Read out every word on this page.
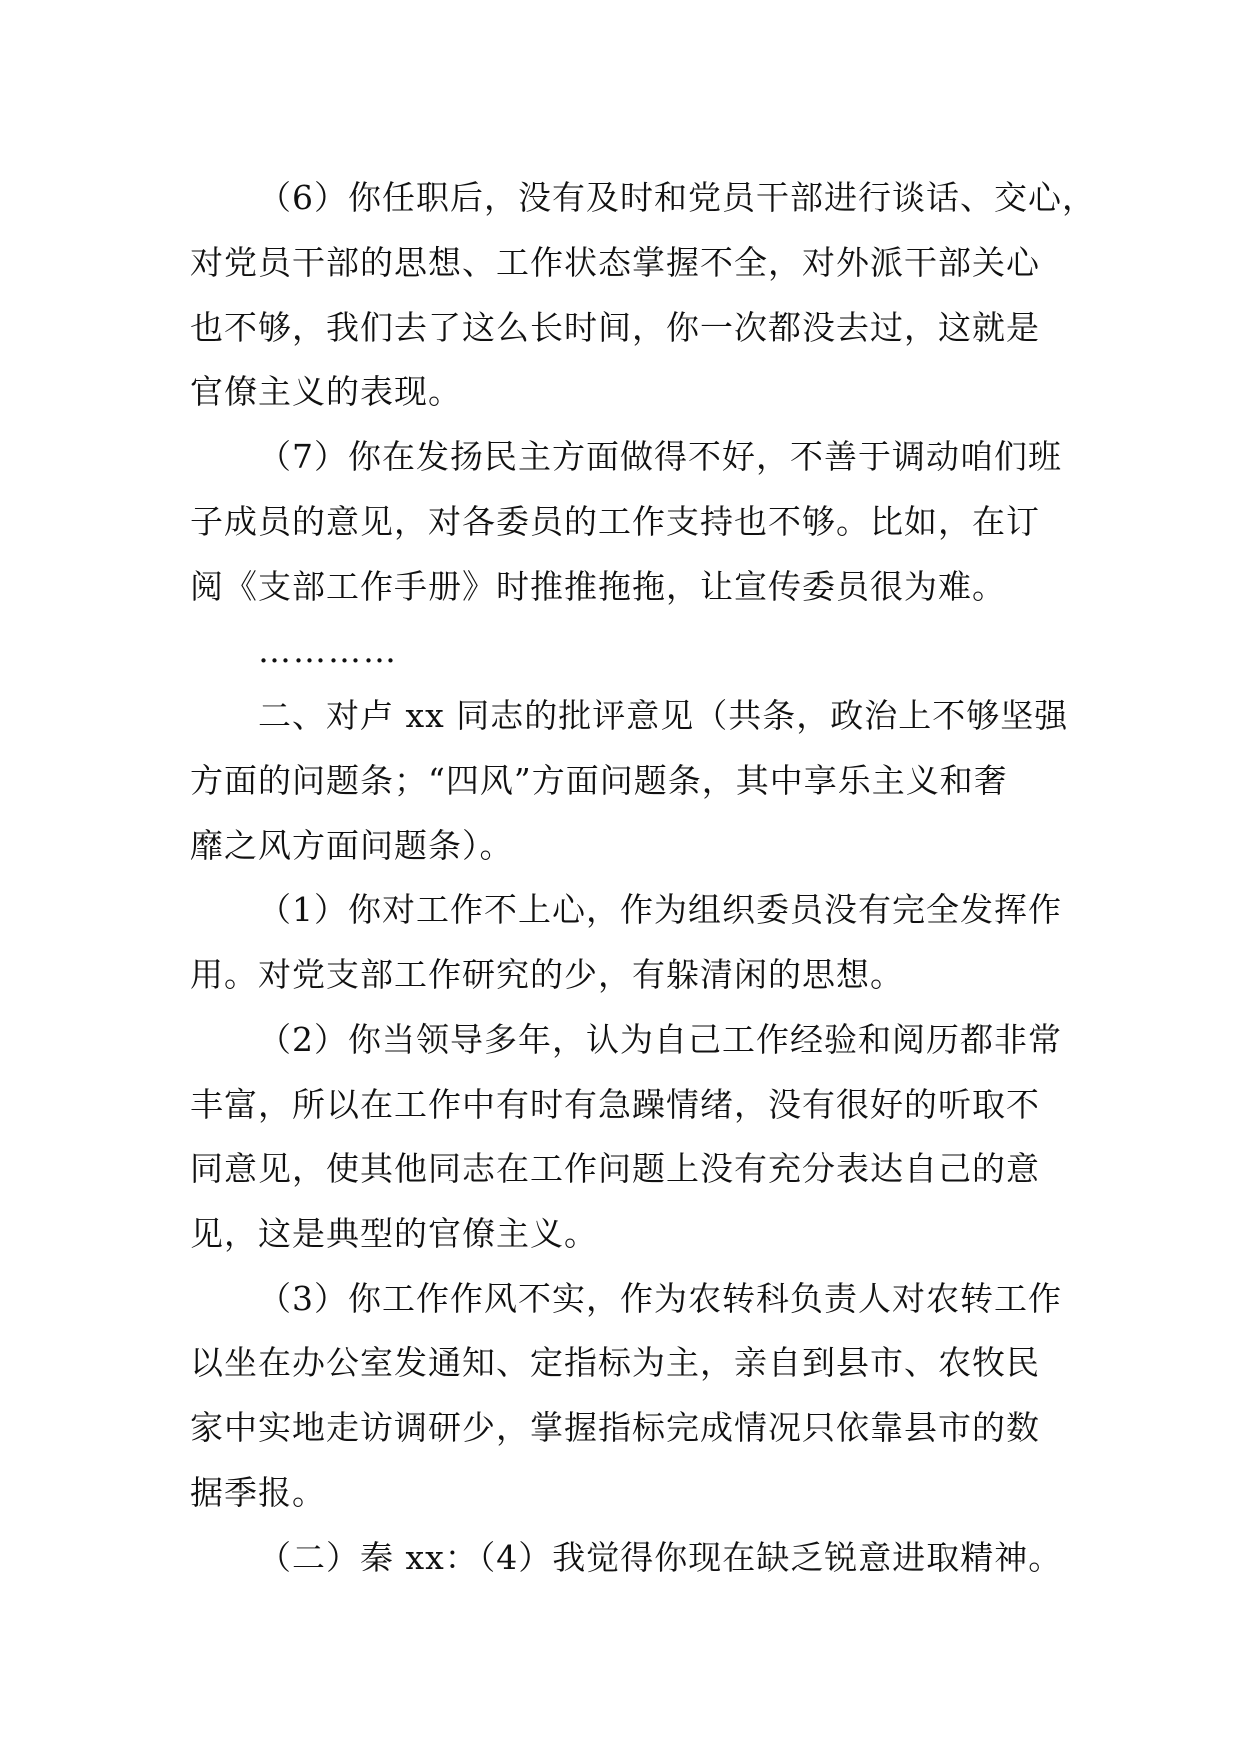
（6）你任职后，没有及时和党员干部进行谈话、交心，
对党员干部的思想、工作状态掌握不全，对外派干部关心
也不够，我们去了这么长时间，你一次都没去过，这就是
官僚主义的表现。
（7）你在发扬民主方面做得不好，不善于调动咱们班
子成员的意见，对各委员的工作支持也不够。比如，在订
阅《支部工作手册》时推推拖拖，让宣传委员很为难。
…………
二、对卢 xx 同志的批评意见（共条，政治上不够坚强
方面的问题条；“四风”方面问题条，其中享乐主义和奢
靡之风方面问题条）。
（1）你对工作不上心，作为组织委员没有完全发挥作
用。对党支部工作研究的少，有躲清闲的思想。
（2）你当领导多年，认为自己工作经验和阅历都非常
丰富，所以在工作中有时有急躁情绪，没有很好的听取不
同意见，使其他同志在工作问题上没有充分表达自己的意
见，这是典型的官僚主义。
（3）你工作作风不实，作为农转科负责人对农转工作
以坐在办公室发通知、定指标为主，亲自到县市、农牧民
家中实地走访调研少，掌握指标完成情况只依靠县市的数
据季报。
（二）秦 xx：（4）我觉得你现在缺乏锐意进取精神。
